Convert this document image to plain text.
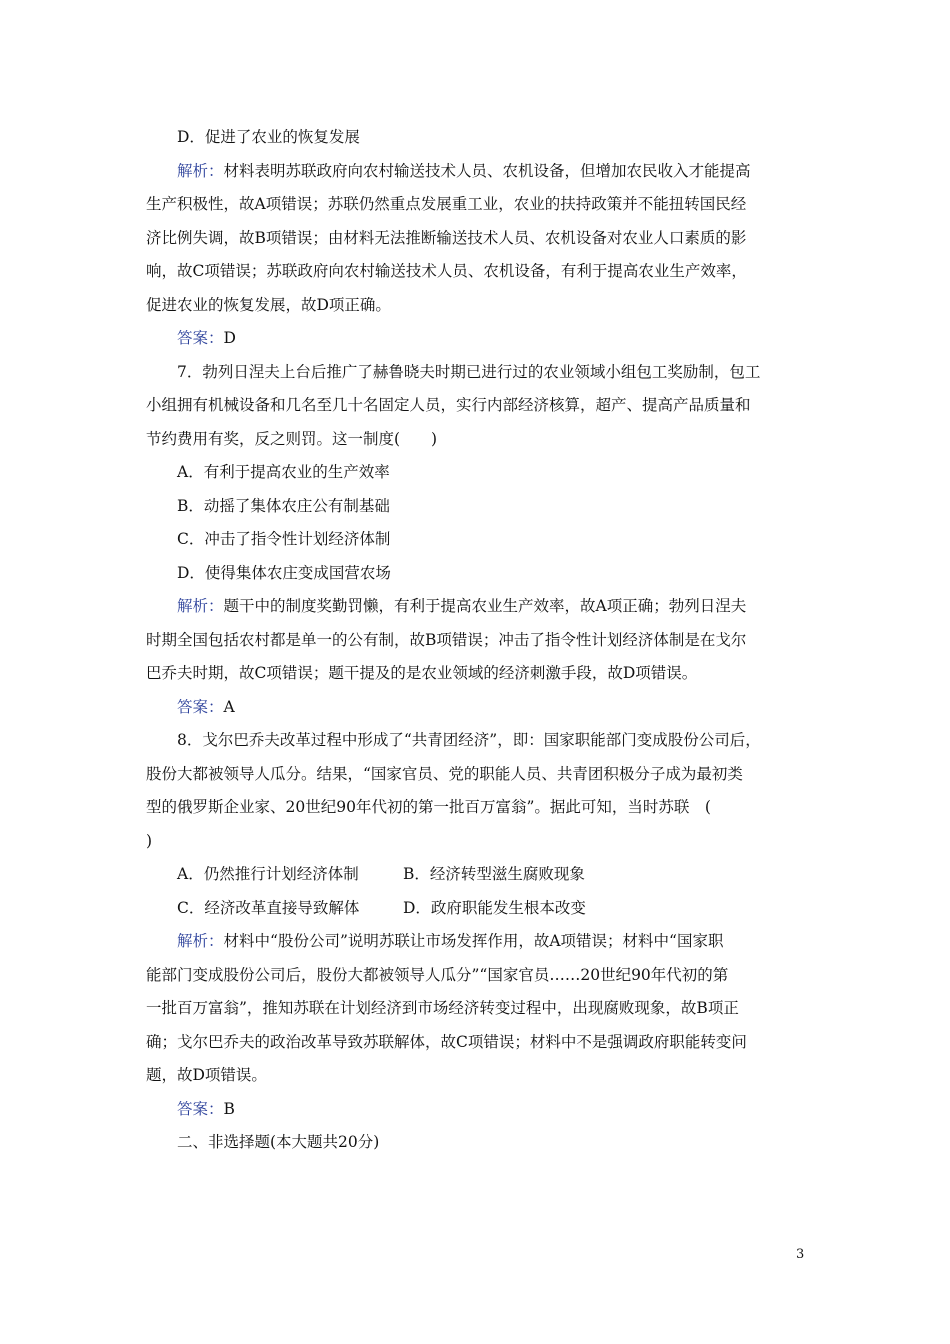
D．促进了农业的恢复发展
解析：材料表明苏联政府向农村输送技术人员、农机设备，但增加农民收入才能提高
生产积极性，故A项错误；苏联仍然重点发展重工业，农业的扶持政策并不能扭转国民经
济比例失调，故B项错误；由材料无法推断输送技术人员、农机设备对农业人口素质的影
响，故C项错误；苏联政府向农村输送技术人员、农机设备，有利于提高农业生产效率，
促进农业的恢复发展，故D项正确。
答案：D
7．勃列日涅夫上台后推广了赫鲁晓夫时期已进行过的农业领域小组包工奖励制，包工
小组拥有机械设备和几名至几十名固定人员，实行内部经济核算，超产、提高产品质量和
节约费用有奖，反之则罚。这一制度(　　)
A．有利于提高农业的生产效率
B．动摇了集体农庄公有制基础
C．冲击了指令性计划经济体制
D．使得集体农庄变成国营农场
解析：题干中的制度奖勤罚懒，有利于提高农业生产效率，故A项正确；勃列日涅夫
时期全国包括农村都是单一的公有制，故B项错误；冲击了指令性计划经济体制是在戈尔
巴乔夫时期，故C项错误；题干提及的是农业领域的经济刺激手段，故D项错误。
答案：A
8．戈尔巴乔夫改革过程中形成了“共青团经济”，即：国家职能部门变成股份公司后，
股份大都被领导人瓜分。结果，“国家官员、党的职能人员、共青团积极分子成为最初类
型的俄罗斯企业家、20世纪90年代初的第一批百万富翁”。据此可知，当时苏联　(
)
A．仍然推行计划经济体制	B．经济转型滋生腐败现象
C．经济改革直接导致解体	D．政府职能发生根本改变
解析：材料中“股份公司”说明苏联让市场发挥作用，故A项错误；材料中“国家职
能部门变成股份公司后，股份大都被领导人瓜分”“国家官员……20世纪90年代初的第
一批百万富翁”，推知苏联在计划经济到市场经济转变过程中，出现腐败现象，故B项正
确；戈尔巴乔夫的政治改革导致苏联解体，故C项错误；材料中不是强调政府职能转变问
题，故D项错误。
答案：B
二、非选择题(本大题共20分)
3
